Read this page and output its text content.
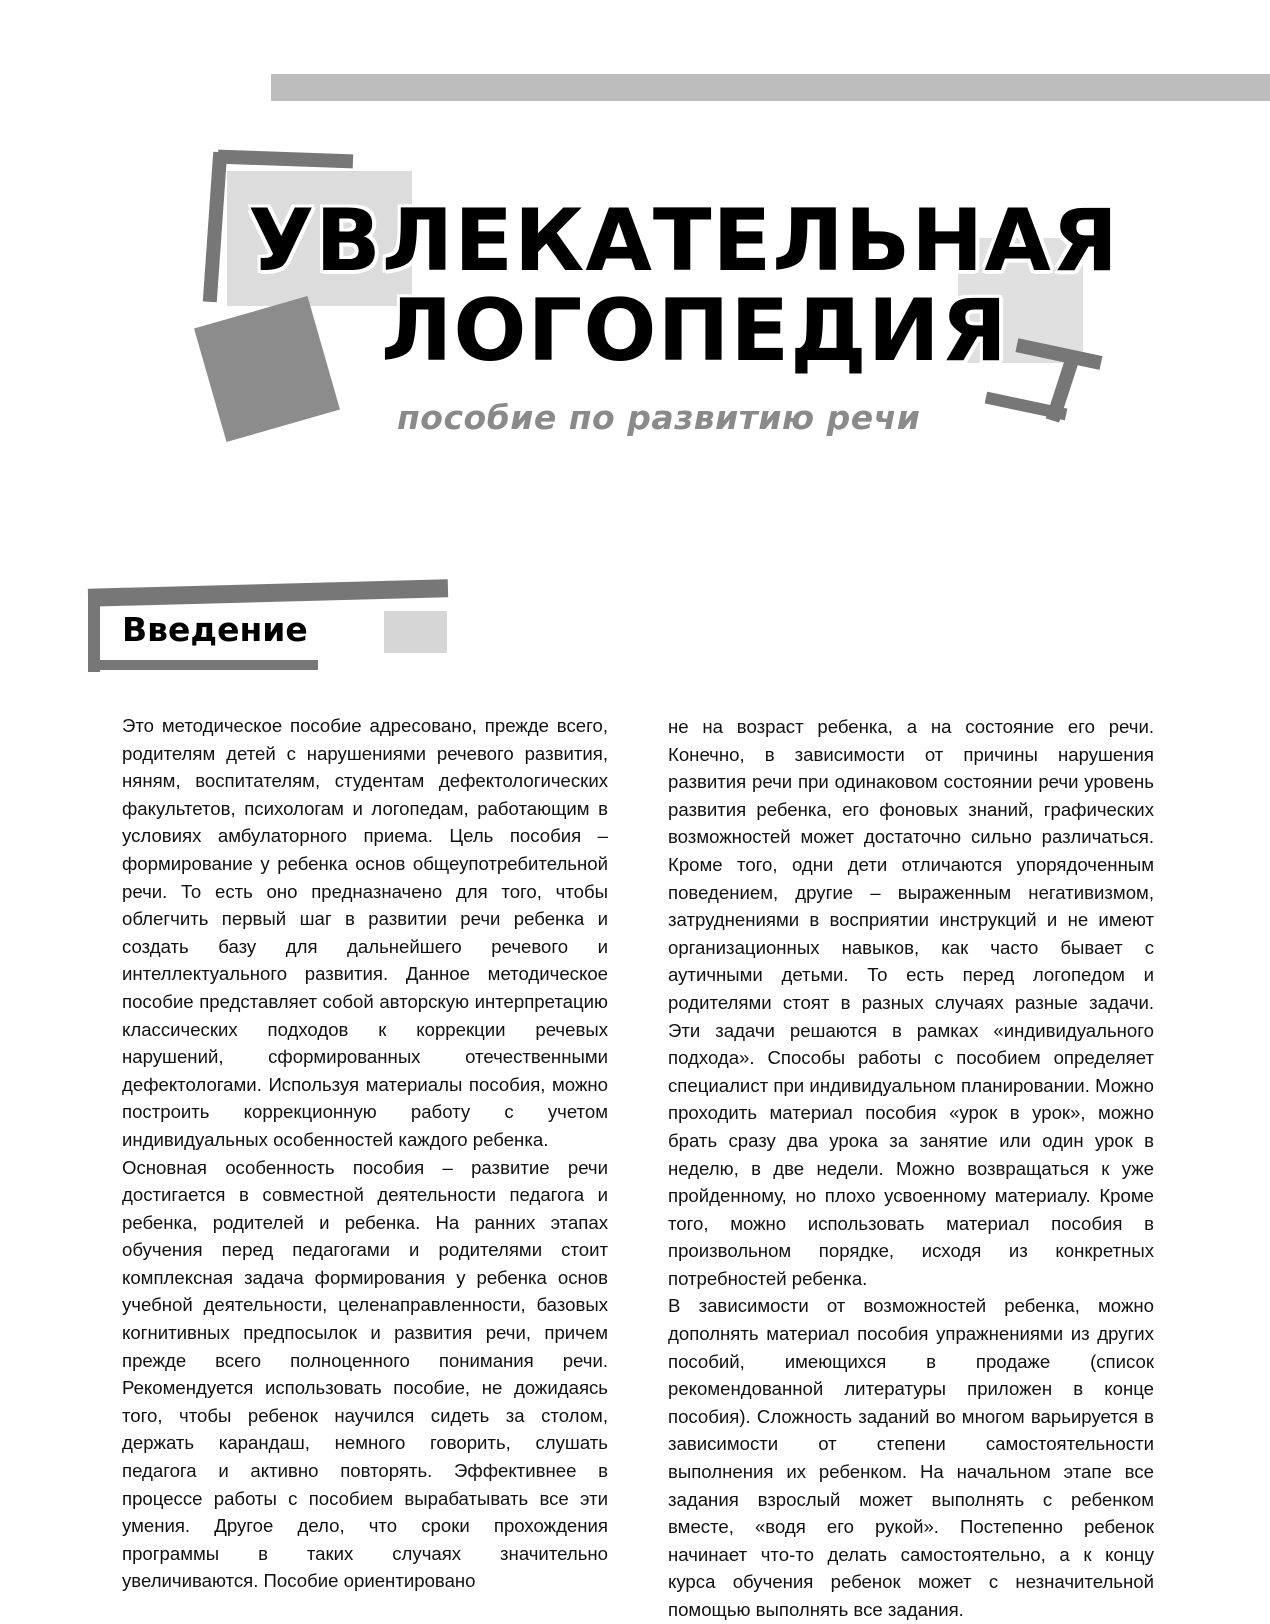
УВЛЕКАТЕЛЬНАЯ
ЛОГОПЕДИЯ

пособие по развитию речи

Введение

Это методическое пособие адресовано, прежде всего, родителям детей с нарушениями речевого развития, няням, воспитателям, студентам дефектологических факультетов, психологам и логопедам, работающим в условиях амбулаторного приема. Цель пособия – формирование у ребенка основ общеупотребительной речи. То есть оно предназначено для того, чтобы облегчить первый шаг в развитии речи ребенка и создать базу для дальнейшего речевого и интеллектуального развития. Данное методическое пособие представляет собой авторскую интерпретацию классических подходов к коррекции речевых нарушений, сформированных отечественными дефектологами. Используя материалы пособия, можно построить коррекционную работу с учетом индивидуальных особенностей каждого ребенка.

Основная особенность пособия – развитие речи достигается в совместной деятельности педагога и ребенка, родителей и ребенка. На ранних этапах обучения перед педагогами и родителями стоит комплексная задача формирования у ребенка основ учебной деятельности, целенаправленности, базовых когнитивных предпосылок и развития речи, причем прежде всего полноценного понимания речи. Рекомендуется использовать пособие, не дожидаясь того, чтобы ребенок научился сидеть за столом, держать карандаш, немного говорить, слушать педагога и активно повторять. Эффективнее в процессе работы с пособием вырабатывать все эти умения. Другое дело, что сроки прохождения программы в таких случаях значительно увеличиваются. Пособие ориентировано

не на возраст ребенка, а на состояние его речи. Конечно, в зависимости от причины нарушения развития речи при одинаковом состоянии речи уровень развития ребенка, его фоновых знаний, графических возможностей может достаточно сильно различаться. Кроме того, одни дети отличаются упорядоченным поведением, другие – выраженным негативизмом, затруднениями в восприятии инструкций и не имеют организационных навыков, как часто бывает с аутичными детьми. То есть перед логопедом и родителями стоят в разных случаях разные задачи. Эти задачи решаются в рамках «индивидуального подхода». Способы работы с пособием определяет специалист при индивидуальном планировании. Можно проходить материал пособия «урок в урок», можно брать сразу два урока за занятие или один урок в неделю, в две недели. Можно возвращаться к уже пройденному, но плохо усвоенному материалу. Кроме того, можно использовать материал пособия в произвольном порядке, исходя из конкретных потребностей ребенка.

В зависимости от возможностей ребенка, можно дополнять материал пособия упражнениями из других пособий, имеющихся в продаже (список рекомендованной литературы приложен в конце пособия). Сложность заданий во многом варьируется в зависимости от степени самостоятельности выполнения их ребенком. На начальном этапе все задания взрослый может выполнять с ребенком вместе, «водя его рукой». Постепенно ребенок начинает что-то делать самостоятельно, а к концу курса обучения ребенок может с незначительной помощью выполнять все задания.
